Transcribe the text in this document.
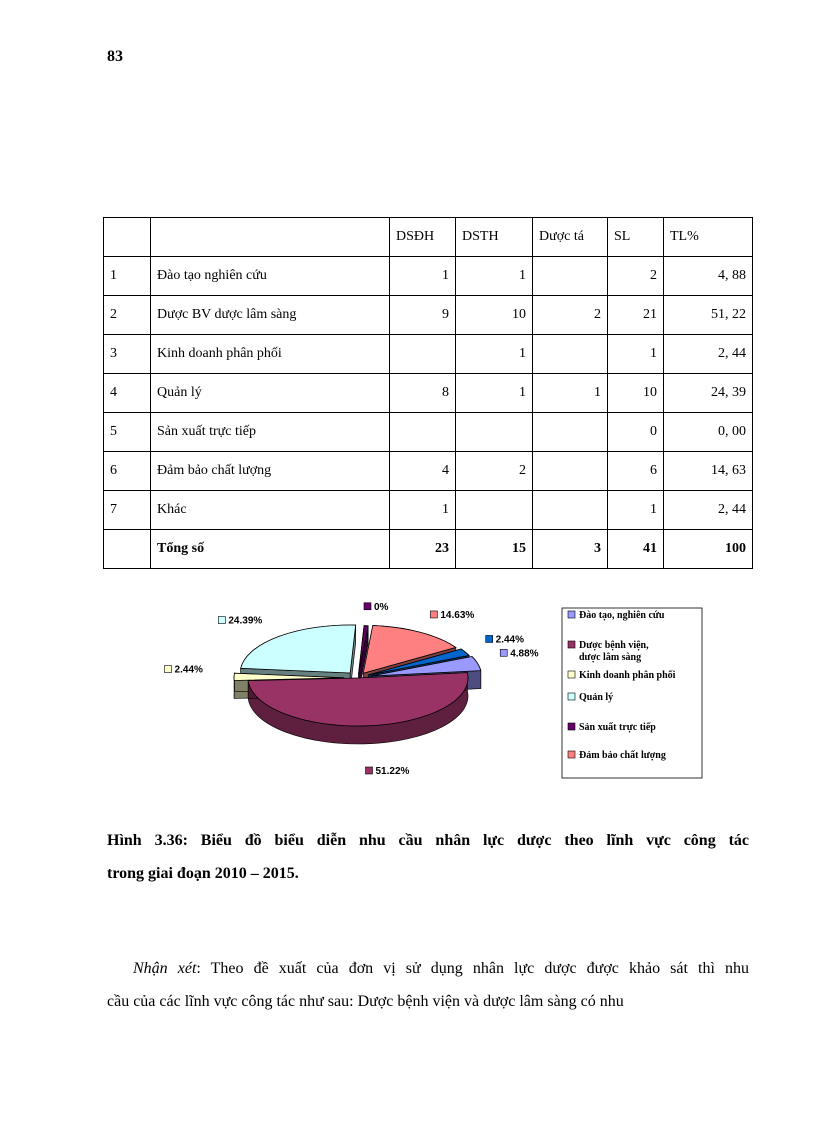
83
		DSĐH	DSTH	Dược tá	SL	TL%
1	Đào tạo nghiên cứu	1	1		2	4, 88
2	Dược BV dược lâm sàng	9	10	2	21	51, 22
3	Kinh doanh phân phối		1		1	2, 44
4	Quản lý	8	1	1	10	24, 39
5	Sản xuất trực tiếp				0	0, 00
6	Đảm bảo chất lượng	4	2		6	14, 63
7	Khác	1			1	2, 44
	Tổng số	23	15	3	41	100
0%
14.63%
24.39%
2.44%
4.88%
2.44%
51.22%
Đào tạo, nghiên cứu
Dược bệnh viện, dược lâm sàng
Kinh doanh phân phối
Quản lý
Sản xuất trực tiếp
Đảm bảo chất lượng
Hình 3.36: Biểu đồ biểu diễn nhu cầu nhân lực dược theo lĩnh vực công tác
trong giai đoạn 2010 – 2015.
Nhận xét: Theo đề xuất của đơn vị sử dụng nhân lực dược được khảo sát thì nhu
cầu của các lĩnh vực công tác như sau: Dược bệnh viện và dược lâm sàng có nhu
